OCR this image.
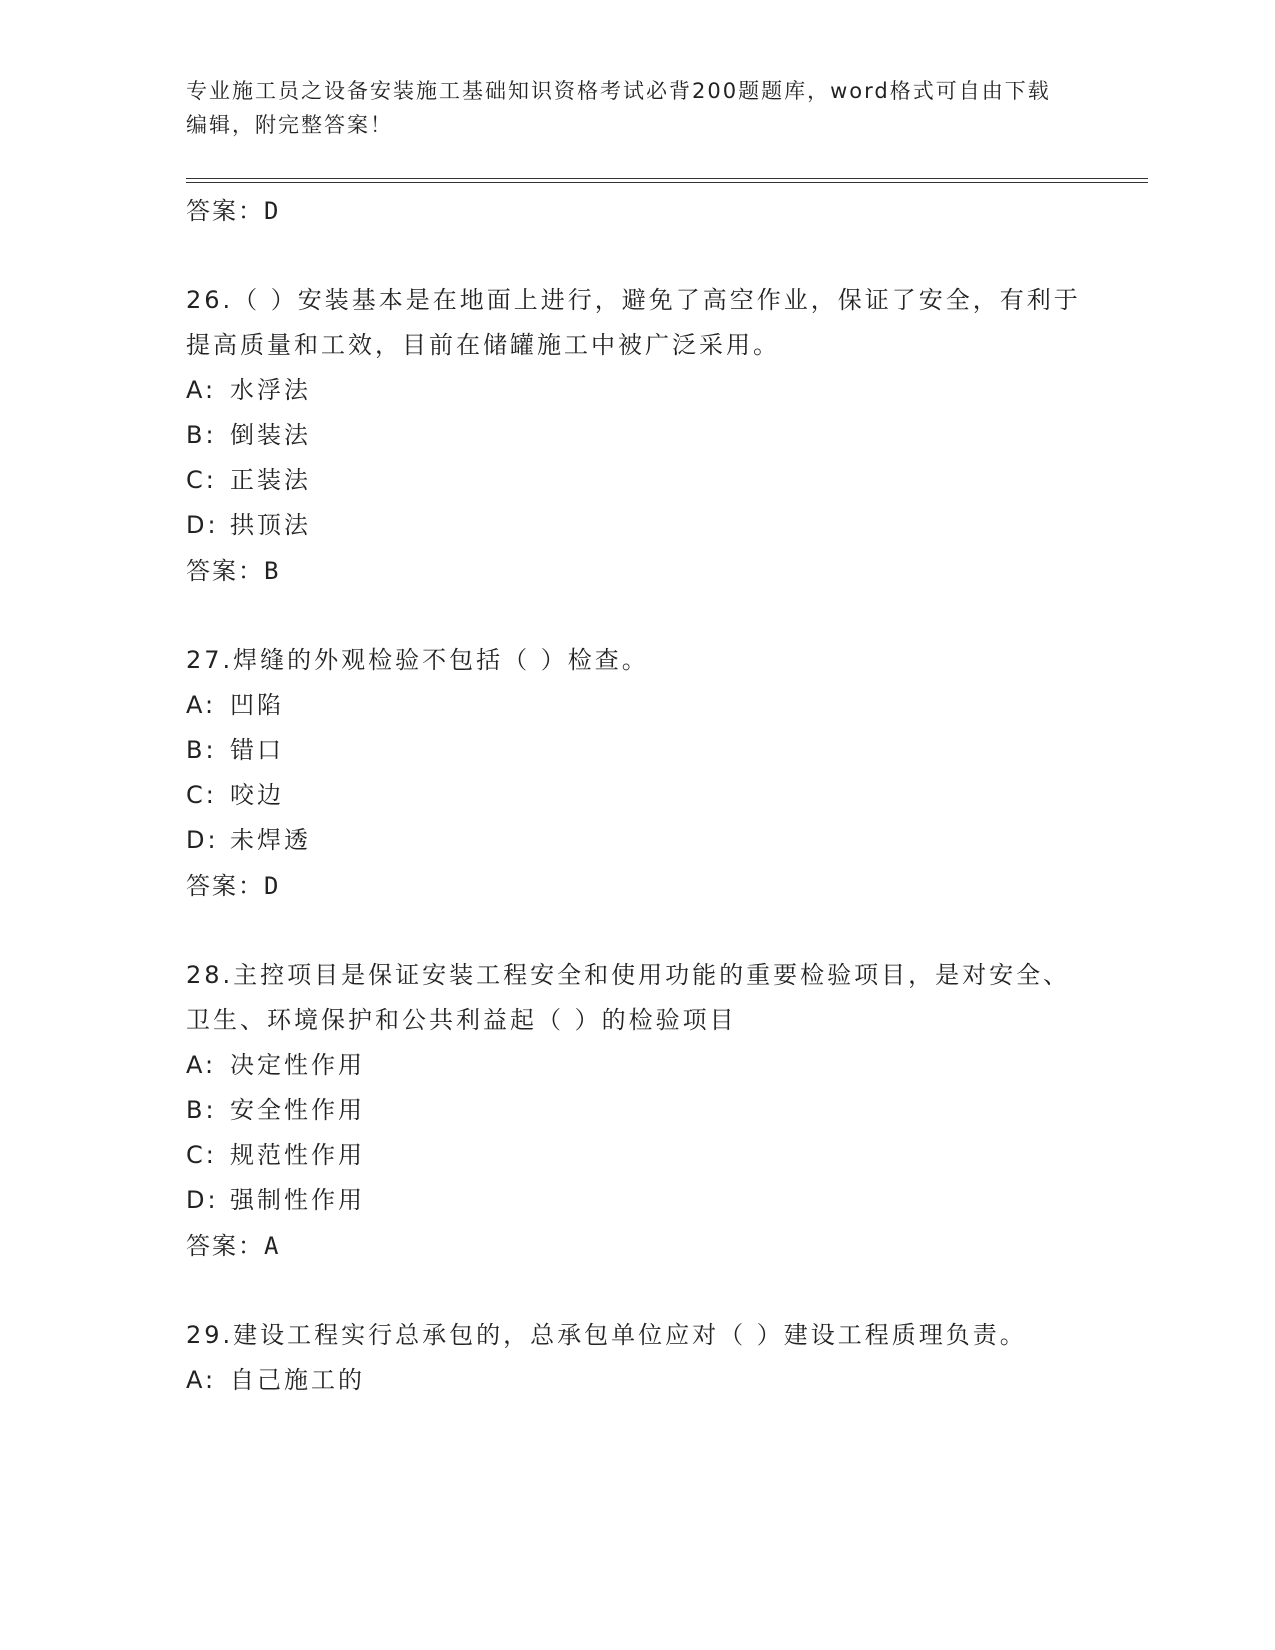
专业施工员之设备安装施工基础知识资格考试必背200题题库，word格式可自由下载编辑，附完整答案！

答案：D

26.（ ）安装基本是在地面上进行，避免了高空作业，保证了安全，有利于提高质量和工效，目前在储罐施工中被广泛采用。

A: 水浮法

B: 倒装法

C: 正装法

D: 拱顶法

答案：B

27.焊缝的外观检验不包括（ ）检查。

A: 凹陷

B: 错口

C: 咬边

D: 未焊透

答案：D

28.主控项目是保证安装工程安全和使用功能的重要检验项目，是对安全、卫生、环境保护和公共利益起（ ）的检验项目

A: 决定性作用

B: 安全性作用

C: 规范性作用

D: 强制性作用

答案：A

29.建设工程实行总承包的，总承包单位应对（ ）建设工程质理负责。

A: 自己施工的
